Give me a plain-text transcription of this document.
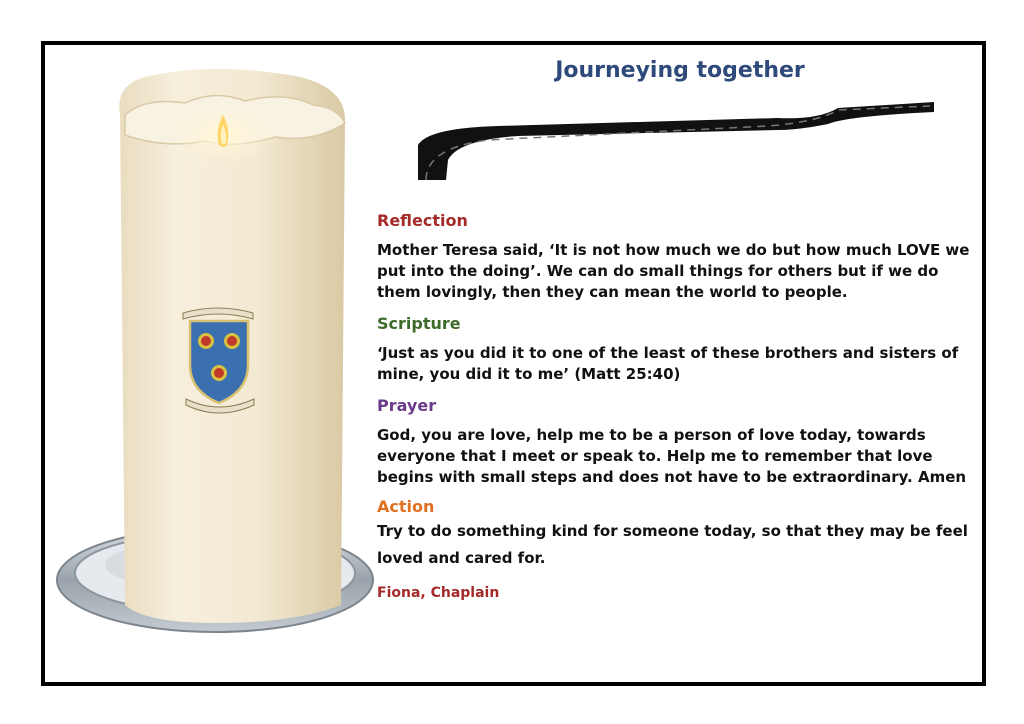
Journeying together

Reflection

Mother Teresa said, ‘It is not how much we do but how much LOVE we put into the doing’. We can do small things for others but if we do them lovingly, then they can mean the world to people.

Scripture

‘Just as you did it to one of the least of these brothers and sisters of mine, you did it to me’ (Matt 25:40)

Prayer

God, you are love, help me to be a person of love today, towards everyone that I meet or speak to. Help me to remember that love begins with small steps and does not have to be extraordinary. Amen

Action

Try to do something kind for someone today, so that they may be feel loved and cared for.

Fiona, Chaplain
